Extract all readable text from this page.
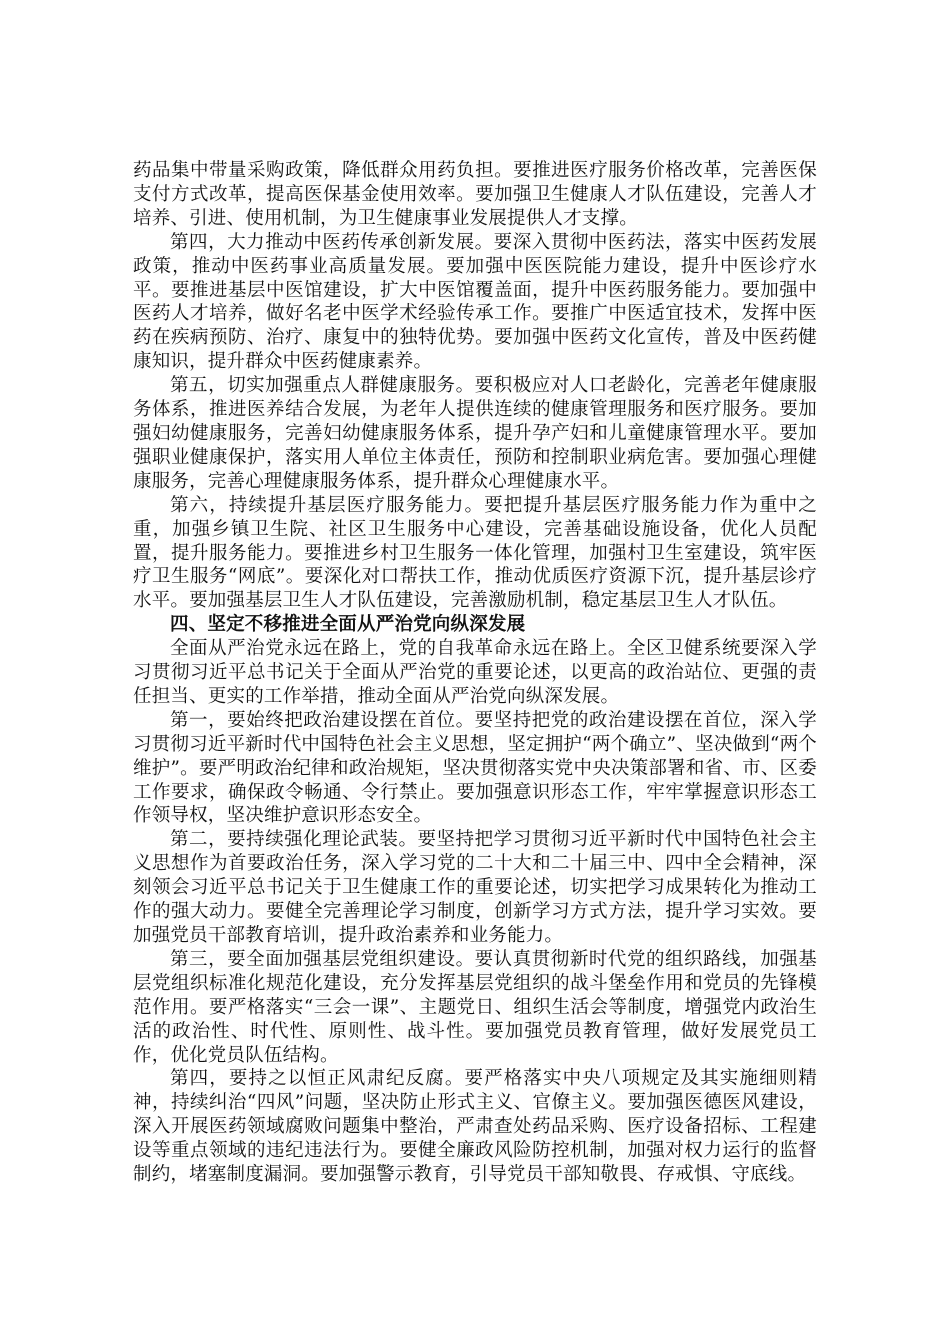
药品集中带量采购政策，降低群众用药负担。要推进医疗服务价格改革，完善医保支付方式改革，提高医保基金使用效率。要加强卫生健康人才队伍建设，完善人才培养、引进、使用机制，为卫生健康事业发展提供人才支撑。

第四，大力推动中医药传承创新发展。要深入贯彻中医药法，落实中医药发展政策，推动中医药事业高质量发展。要加强中医医院能力建设，提升中医诊疗水平。要推进基层中医馆建设，扩大中医馆覆盖面，提升中医药服务能力。要加强中医药人才培养，做好名老中医学术经验传承工作。要推广中医适宜技术，发挥中医药在疾病预防、治疗、康复中的独特优势。要加强中医药文化宣传，普及中医药健康知识，提升群众中医药健康素养。

第五，切实加强重点人群健康服务。要积极应对人口老龄化，完善老年健康服务体系，推进医养结合发展，为老年人提供连续的健康管理服务和医疗服务。要加强妇幼健康服务，完善妇幼健康服务体系，提升孕产妇和儿童健康管理水平。要加强职业健康保护，落实用人单位主体责任，预防和控制职业病危害。要加强心理健康服务，完善心理健康服务体系，提升群众心理健康水平。

第六，持续提升基层医疗服务能力。要把提升基层医疗服务能力作为重中之重，加强乡镇卫生院、社区卫生服务中心建设，完善基础设施设备，优化人员配置，提升服务能力。要推进乡村卫生服务一体化管理，加强村卫生室建设，筑牢医疗卫生服务“网底”。要深化对口帮扶工作，推动优质医疗资源下沉，提升基层诊疗水平。要加强基层卫生人才队伍建设，完善激励机制，稳定基层卫生人才队伍。

四、坚定不移推进全面从严治党向纵深发展

全面从严治党永远在路上，党的自我革命永远在路上。全区卫健系统要深入学习贯彻习近平总书记关于全面从严治党的重要论述，以更高的政治站位、更强的责任担当、更实的工作举措，推动全面从严治党向纵深发展。

第一，要始终把政治建设摆在首位。要坚持把党的政治建设摆在首位，深入学习贯彻习近平新时代中国特色社会主义思想，坚定拥护“两个确立”、坚决做到“两个维护”。要严明政治纪律和政治规矩，坚决贯彻落实党中央决策部署和省、市、区委工作要求，确保政令畅通、令行禁止。要加强意识形态工作，牢牢掌握意识形态工作领导权，坚决维护意识形态安全。

第二，要持续强化理论武装。要坚持把学习贯彻习近平新时代中国特色社会主义思想作为首要政治任务，深入学习党的二十大和二十届三中、四中全会精神，深刻领会习近平总书记关于卫生健康工作的重要论述，切实把学习成果转化为推动工作的强大动力。要健全完善理论学习制度，创新学习方式方法，提升学习实效。要加强党员干部教育培训，提升政治素养和业务能力。

第三，要全面加强基层党组织建设。要认真贯彻新时代党的组织路线，加强基层党组织标准化规范化建设，充分发挥基层党组织的战斗堡垒作用和党员的先锋模范作用。要严格落实“三会一课”、主题党日、组织生活会等制度，增强党内政治生活的政治性、时代性、原则性、战斗性。要加强党员教育管理，做好发展党员工作，优化党员队伍结构。

第四，要持之以恒正风肃纪反腐。要严格落实中央八项规定及其实施细则精神，持续纠治“四风”问题，坚决防止形式主义、官僚主义。要加强医德医风建设，深入开展医药领域腐败问题集中整治，严肃查处药品采购、医疗设备招标、工程建设等重点领域的违纪违法行为。要健全廉政风险防控机制，加强对权力运行的监督制约，堵塞制度漏洞。要加强警示教育，引导党员干部知敬畏、存戒惧、守底线。
